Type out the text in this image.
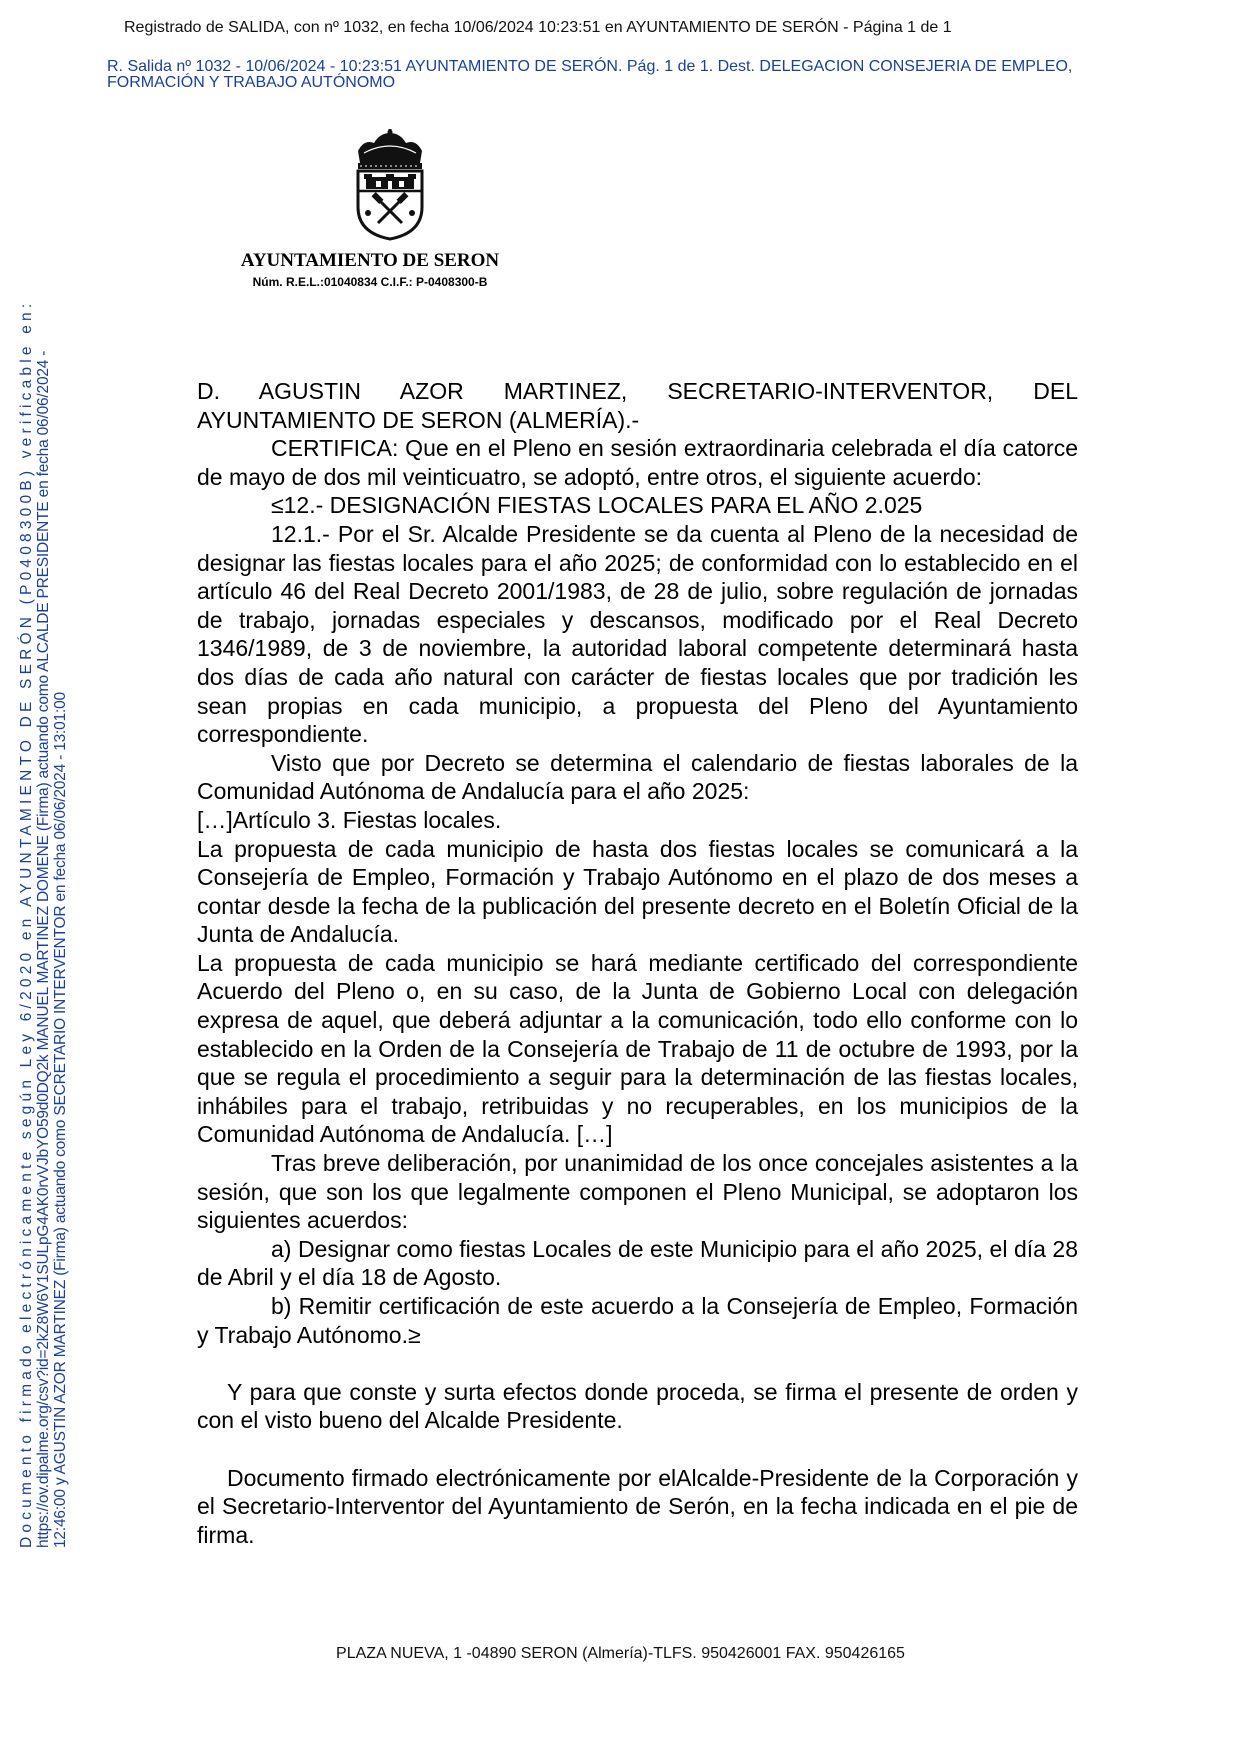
Registrado de SALIDA, con nº 1032, en fecha 10/06/2024 10:23:51 en AYUNTAMIENTO DE SERÓN - Página 1 de 1
R. Salida nº 1032 - 10/06/2024 - 10:23:51 AYUNTAMIENTO DE SERÓN. Pág. 1 de 1. Dest. DELEGACION CONSEJERIA DE EMPLEO, FORMACIÓN Y TRABAJO AUTÓNOMO
Documento firmado electrónicamente según Ley 6/2020 en AYUNTAMIENTO DE SERÓN (P0408300B) verificable en: https://ov.dipalme.org/csv?id=2kZ8W6V1SULpG4AK0rvVJbYO59d0DQ2k MANUEL MARTINEZ DOMENE (Firma) actuando como ALCALDE PRESIDENTE en fecha 06/06/2024 - 12:46:00 y AGUSTIN AZOR MARTINEZ (Firma) actuando como SECRETARIO INTERVENTOR en fecha 06/06/2024 - 13:01:00
AYUNTAMIENTO DE SERON
Núm. R.E.L.:01040834 C.I.F.: P-0408300-B

D. AGUSTIN AZOR MARTINEZ, SECRETARIO-INTERVENTOR, DEL AYUNTAMIENTO DE SERON (ALMERÍA).-

CERTIFICA: Que en el Pleno en sesión extraordinaria celebrada el día catorce de mayo de dos mil veinticuatro, se adoptó, entre otros, el siguiente acuerdo:

≤12.- DESIGNACIÓN FIESTAS LOCALES PARA EL AÑO 2.025

12.1.- Por el Sr. Alcalde Presidente se da cuenta al Pleno de la necesidad de designar las fiestas locales para el año 2025; de conformidad con lo establecido en el artículo 46 del Real Decreto 2001/1983, de 28 de julio, sobre regulación de jornadas de trabajo, jornadas especiales y descansos, modificado por el Real Decreto 1346/1989, de 3 de noviembre, la autoridad laboral competente determinará hasta dos días de cada año natural con carácter de fiestas locales que por tradición les sean propias en cada municipio, a propuesta del Pleno del Ayuntamiento correspondiente.

Visto que por Decreto se determina el calendario de fiestas laborales de la Comunidad Autónoma de Andalucía para el año 2025:

[…]Artículo 3. Fiestas locales.

La propuesta de cada municipio de hasta dos fiestas locales se comunicará a la Consejería de Empleo, Formación y Trabajo Autónomo en el plazo de dos meses a contar desde la fecha de la publicación del presente decreto en el Boletín Oficial de la Junta de Andalucía.

La propuesta de cada municipio se hará mediante certificado del correspondiente Acuerdo del Pleno o, en su caso, de la Junta de Gobierno Local con delegación expresa de aquel, que deberá adjuntar a la comunicación, todo ello conforme con lo establecido en la Orden de la Consejería de Trabajo de 11 de octubre de 1993, por la que se regula el procedimiento a seguir para la determinación de las fiestas locales, inhábiles para el trabajo, retribuidas y no recuperables, en los municipios de la Comunidad Autónoma de Andalucía. […]

Tras breve deliberación, por unanimidad de los once concejales asistentes a la sesión, que son los que legalmente componen el Pleno Municipal, se adoptaron los siguientes acuerdos:

a) Designar como fiestas Locales de este Municipio para el año 2025, el día 28 de Abril y el día 18 de Agosto.

b) Remitir certificación de este acuerdo a la Consejería de Empleo, Formación y Trabajo Autónomo.≥

Y para que conste y surta efectos donde proceda, se firma el presente de orden y con el visto bueno del Alcalde Presidente.

Documento firmado electrónicamente por elAlcalde-Presidente de la Corporación y el Secretario-Interventor del Ayuntamiento de Serón, en la fecha indicada en el pie de firma.

PLAZA NUEVA, 1 -04890 SERON (Almería)-TLFS. 950426001 FAX. 950426165
